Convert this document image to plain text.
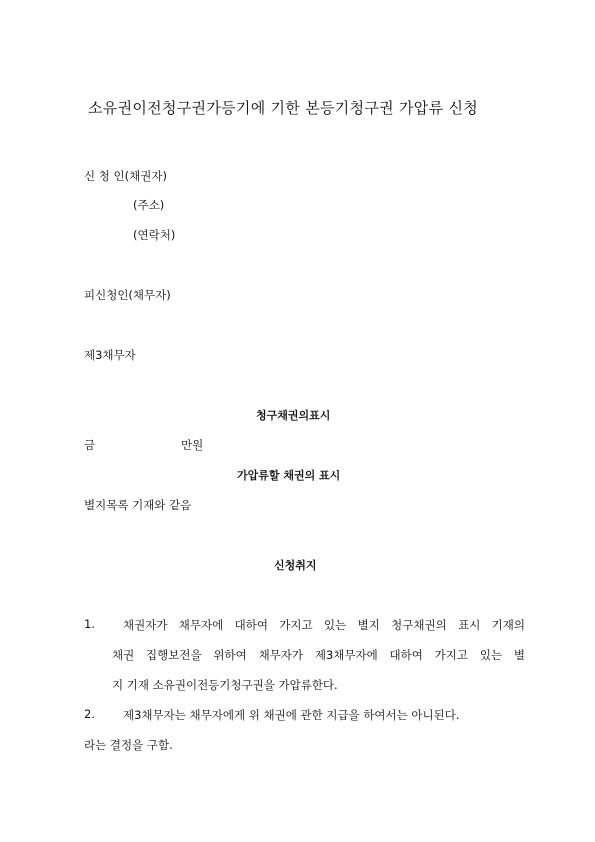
소유권이전청구권가등기에 기한 본등기청구권 가압류 신청
신 청 인(채권자)
(주소)
(연락처)
피신청인(채무자)
제3채무자
청구채권의표시
금	만원
가압류할 채권의 표시
별지목록 기재와 같음
신청취지
1. 채권자가 채무자에 대하여 가지고 있는 별지 청구채권의 표시 기재의
채권 집행보전을 위하여 채무자가 제3채무자에 대하여 가지고 있는 별
지 기재 소유권이전등기청구권을 가압류한다.
2. 제3채무자는 채무자에게 위 채권에 관한 지급을 하여서는 아니된다.
라는 결정을 구함.
